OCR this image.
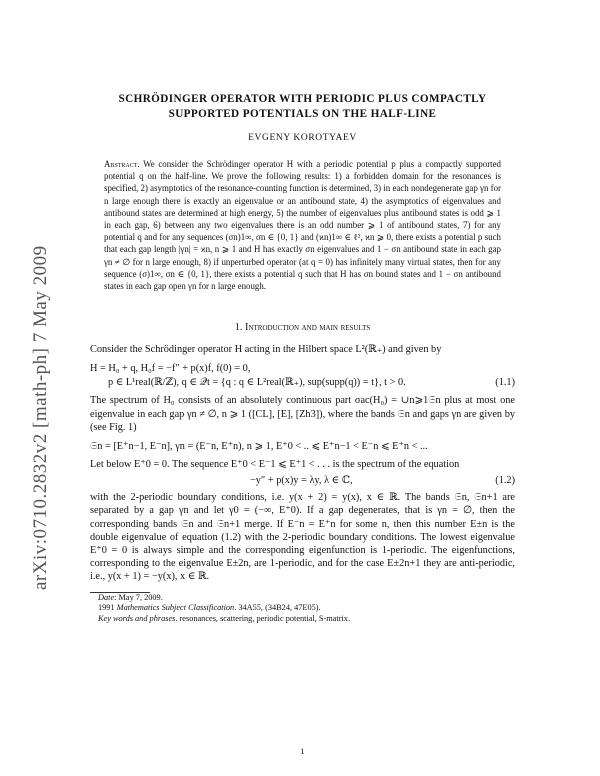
arXiv:0710.2832v2 [math-ph] 7 May 2009
SCHRÖDINGER OPERATOR WITH PERIODIC PLUS COMPACTLY
SUPPORTED POTENTIALS ON THE HALF-LINE
EVGENY KOROTYAEV
Abstract. We consider the Schrödinger operator H with a periodic potential p plus a compactly supported potential q on the half-line. We prove the following results: 1) a forbidden domain for the resonances is specified, 2) asymptotics of the resonance-counting function is determined, 3) in each nondegenerate gap γn for n large enough there is exactly an eigenvalue or an antibound state, 4) the asymptotics of eigenvalues and antibound states are determined at high energy, 5) the number of eigenvalues plus antibound states is odd ⩾ 1 in each gap, 6) between any two eigenvalues there is an odd number ⩾ 1 of antibound states, 7) for any potential q and for any sequences (σn)1∞, σn ∈ {0, 1} and (ϰn)1∞ ∈ ℓ², ϰn ⩾ 0, there exists a potential p such that each gap length |γn| = ϰn, n ⩾ 1 and H has exactly σn eigenvalues and 1 − σn antibound state in each gap γn ≠ ∅ for n large enough, 8) if unperturbed operator (at q = 0) has infinitely many virtual states, then for any sequence (σ)1∞, σn ∈ {0, 1}, there exists a potential q such that H has σn bound states and 1 − σn antibound states in each gap open γn for n large enough.
1. Introduction and main results
Consider the Schrödinger operator H acting in the Hilbert space L²(ℝ₊) and given by
H = H₀ + q, H₀f = −f″ + p(x)f, f(0) = 0,
p ∈ L¹real(ℝ/ℤ), q ∈ 𝒬t = {q : q ∈ L²real(ℝ₊), sup(supp(q)) = t}, t > 0.	(1.1)
The spectrum of H₀ consists of an absolutely continuous part σac(H₀) = ∪n⩾1𝔖n plus at most one eigenvalue in each gap γn ≠ ∅, n ⩾ 1 ([CL], [E], [Zh3]), where the bands 𝔖n and gaps γn are given by (see Fig. 1)
𝔖n = [E⁺n−1, E⁻n], γn = (E⁻n, E⁺n), n ⩾ 1, E⁺0 < .. ⩽ E⁺n−1 < E⁻n ⩽ E⁺n < ...
Let below E⁺0 = 0. The sequence E⁺0 < E⁻1 ⩽ E⁺1 < . . . is the spectrum of the equation
−y″ + p(x)y = λy, λ ∈ ℂ,	(1.2)
with the 2-periodic boundary conditions, i.e. y(x + 2) = y(x), x ∈ ℝ. The bands 𝔖n, 𝔖n+1 are separated by a gap γn and let γ0 = (−∞, E⁺0). If a gap degenerates, that is γn = ∅, then the corresponding bands 𝔖n and 𝔖n+1 merge. If E⁻n = E⁺n for some n, then this number E±n is the double eigenvalue of equation (1.2) with the 2-periodic boundary conditions. The lowest eigenvalue E⁺0 = 0 is always simple and the corresponding eigenfunction is 1-periodic. The eigenfunctions, corresponding to the eigenvalue E±2n, are 1-periodic, and for the case E±2n+1 they are anti-periodic, i.e., y(x + 1) = −y(x), x ∈ ℝ.
Date: May 7, 2009.
1991 Mathematics Subject Classification. 34A55, (34B24, 47E05).
Key words and phrases. resonances, scattering, periodic potential, S-matrix.
1
